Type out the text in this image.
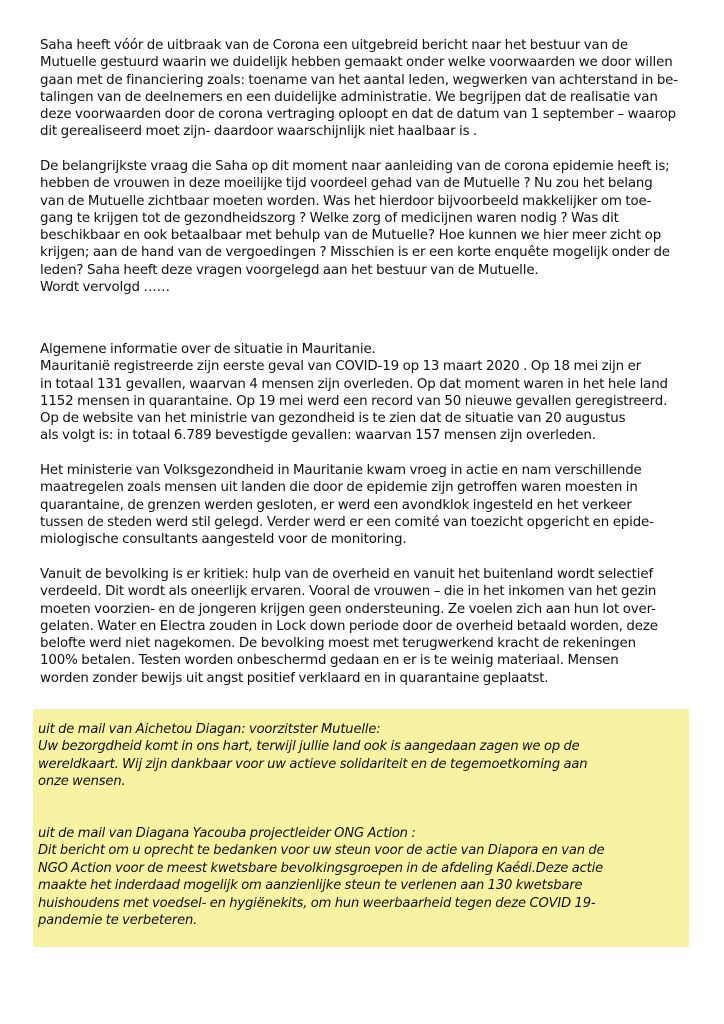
Saha heeft vóór de uitbraak van de Corona een uitgebreid bericht naar het bestuur van de
Mutuelle gestuurd waarin we duidelijk hebben gemaakt onder welke voorwaarden we door willen
gaan met de financiering zoals: toename van het aantal leden, wegwerken van achterstand in be-
talingen van de deelnemers en een duidelijke administratie. We begrijpen dat de realisatie van
deze voorwaarden door de corona vertraging oploopt en dat de datum van 1 september – waarop
dit gerealiseerd moet zijn- daardoor waarschijnlijk niet haalbaar is .

De belangrijkste vraag die Saha op dit moment naar aanleiding van de corona epidemie heeft is;
hebben de vrouwen in deze moeilijke tijd voordeel gehad van de Mutuelle ? Nu zou het belang
van de Mutuelle zichtbaar moeten worden. Was het hierdoor bijvoorbeeld makkelijker om toe-
gang te krijgen tot de gezondheidszorg ? Welke zorg of medicijnen waren nodig ? Was dit
beschikbaar en ook betaalbaar met behulp van de Mutuelle? Hoe kunnen we hier meer zicht op
krijgen; aan de hand van de vergoedingen ? Misschien is er een korte enquête mogelijk onder de
leden? Saha heeft deze vragen voorgelegd aan het bestuur van de Mutuelle.
Wordt vervolgd ……

Algemene informatie over de situatie in Mauritanie.
Mauritanië registreerde zijn eerste geval van COVID-19 op 13 maart 2020 . Op 18 mei zijn er
in totaal 131 gevallen, waarvan 4 mensen zijn overleden. Op dat moment waren in het hele land
1152 mensen in quarantaine. Op 19 mei werd een record van 50 nieuwe gevallen geregistreerd.
Op de website van het ministrie van gezondheid is te zien dat de situatie van 20 augustus
als volgt is: in totaal 6.789 bevestigde gevallen: waarvan 157 mensen zijn overleden.

Het ministerie van Volksgezondheid in Mauritanie kwam vroeg in actie en nam verschillende
maatregelen zoals mensen uit landen die door de epidemie zijn getroffen waren moesten in
quarantaine, de grenzen werden gesloten, er werd een avondklok ingesteld en het verkeer
tussen de steden werd stil gelegd. Verder werd er een comité van toezicht opgericht en epide-
miologische consultants aangesteld voor de monitoring.

Vanuit de bevolking is er kritiek: hulp van de overheid en vanuit het buitenland wordt selectief
verdeeld. Dit wordt als oneerlijk ervaren. Vooral de vrouwen – die in het inkomen van het gezin
moeten voorzien- en de jongeren krijgen geen ondersteuning. Ze voelen zich aan hun lot over-
gelaten. Water en Electra zouden in Lock down periode door de overheid betaald worden, deze
belofte werd niet nagekomen. De bevolking moest met terugwerkend kracht de rekeningen
100% betalen. Testen worden onbeschermd gedaan en er is te weinig materiaal. Mensen
worden zonder bewijs uit angst positief verklaard en in quarantaine geplaatst.

uit de mail van Aichetou Diagan: voorzitster Mutuelle:
Uw bezorgdheid komt in ons hart, terwijl jullie land ook is aangedaan zagen we op de
wereldkaart. Wij zijn dankbaar voor uw actieve solidariteit en de tegemoetkoming aan
onze wensen.

uit de mail van Diagana Yacouba projectleider ONG Action :
Dit bericht om u oprecht te bedanken voor uw steun voor de actie van Diapora en van de
NGO Action voor de meest kwetsbare bevolkingsgroepen in de afdeling Kaédi.Deze actie
maakte het inderdaad mogelijk om aanzienlijke steun te verlenen aan 130 kwetsbare
huishoudens met voedsel- en hygiënekits, om hun weerbaarheid tegen deze COVID 19-
pandemie te verbeteren.
